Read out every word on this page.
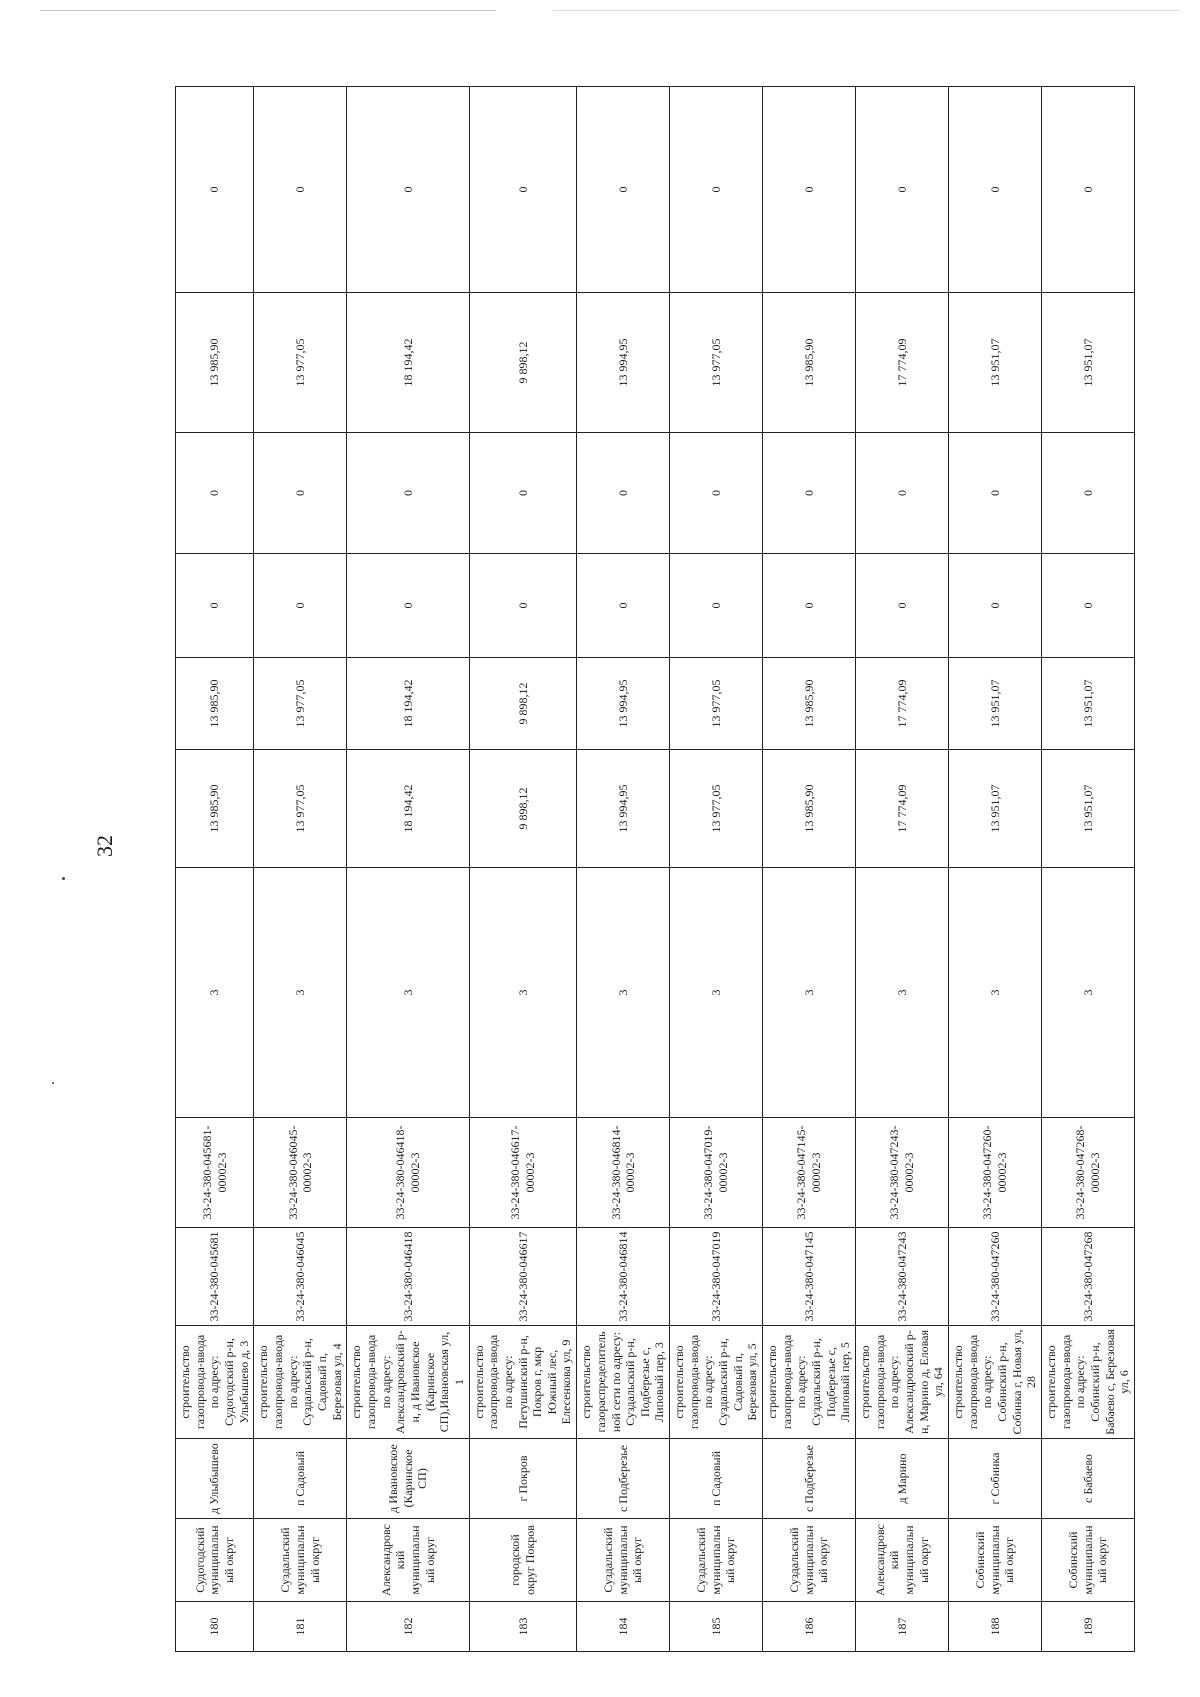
32
180	Судогодский муниципальный округ	д Улыбышево	строительство газопровода-ввода по адресу: Судогодский р-н, Улыбышево д, 3	33-24-380-045681	33-24-380-045681-00002-3	3	13 985,90	13 985,90	0	0	13 985,90	0
181	Суздальский муниципальный округ	п Садовый	строительство газопровода-ввода по адресу: Суздальский р-н, Садовый п, Березовая ул, 4	33-24-380-046045	33-24-380-046045-00002-3	3	13 977,05	13 977,05	0	0	13 977,05	0
182	Александровский муниципальный округ	д Ивановское (Каринское СП)	строительство газопровода-ввода по адресу: Александровский р-н, д Ивановское (Каринское СП),Ивановская ул, 1	33-24-380-046418	33-24-380-046418-00002-3	3	18 194,42	18 194,42	0	0	18 194,42	0
183	городской округ Покров	г Покров	строительство газопровода-ввода по адресу: Петушинский р-н, Покров г, мкр Южный лес, Елесенкова ул, 9	33-24-380-046617	33-24-380-046617-00002-3	3	9 898,12	9 898,12	0	0	9 898,12	0
184	Суздальский муниципальный округ	с Подберезье	строительство газораспределительной сети по адресу: Суздальский р-н, Подберезье с, Липовый пер, 3	33-24-380-046814	33-24-380-046814-00002-3	3	13 994,95	13 994,95	0	0	13 994,95	0
185	Суздальский муниципальный округ	п Садовый	строительство газопровода-ввода по адресу: Суздальский р-н, Садовый п, Березовая ул, 5	33-24-380-047019	33-24-380-047019-00002-3	3	13 977,05	13 977,05	0	0	13 977,05	0
186	Суздальский муниципальный округ	с Подберезье	строительство газопровода-ввода по адресу: Суздальский р-н, Подберезье с, Липовый пер, 5	33-24-380-047145	33-24-380-047145-00002-3	3	13 985,90	13 985,90	0	0	13 985,90	0
187	Александровский муниципальный округ	д Марино	строительство газопровода-ввода по адресу: Александровский р-н, Марино д, Еловая ул, 64	33-24-380-047243	33-24-380-047243-00002-3	3	17 774,09	17 774,09	0	0	17 774,09	0
188	Собинский муниципальный округ	г Собинка	строительство газопровода-ввода по адресу: Собинский р-н, Собинка г, Новая ул, 28	33-24-380-047260	33-24-380-047260-00002-3	3	13 951,07	13 951,07	0	0	13 951,07	0
189	Собинский муниципальный округ	с Бабаево	строительство газопровода-ввода по адресу: Собинский р-н, Бабаево с, Березовая ул, 6	33-24-380-047268	33-24-380-047268-00002-3	3	13 951,07	13 951,07	0	0	13 951,07	0
